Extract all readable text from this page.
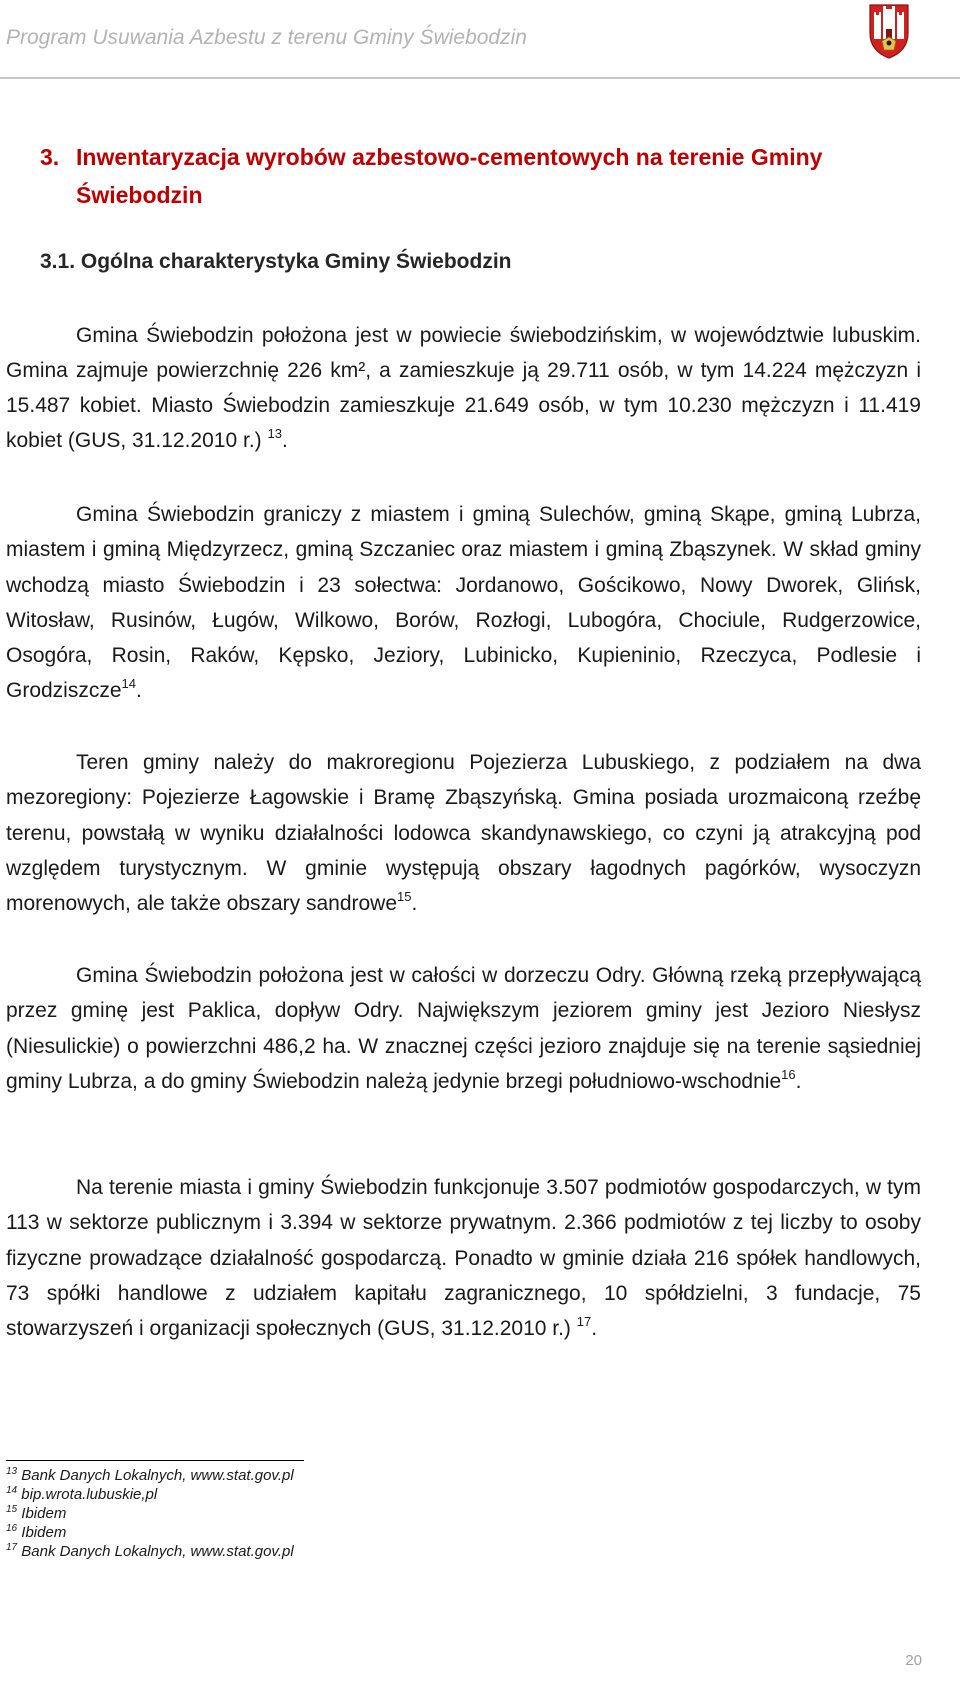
Program Usuwania Azbestu z terenu Gminy Świebodzin
3. Inwentaryzacja wyrobów azbestowo-cementowych na terenie Gminy Świebodzin
3.1. Ogólna charakterystyka Gminy Świebodzin

Gmina Świebodzin położona jest w powiecie świebodzińskim, w województwie lubuskim. Gmina zajmuje powierzchnię 226 km², a zamieszkuje ją 29.711 osób, w tym 14.224 mężczyzn i 15.487 kobiet. Miasto Świebodzin zamieszkuje 21.649 osób, w tym 10.230 mężczyzn i 11.419 kobiet (GUS, 31.12.2010 r.) $^{13}$.

Gmina Świebodzin graniczy z miastem i gminą Sulechów, gminą Skąpe, gminą Lubrza, miastem i gminą Międzyrzecz, gminą Szczaniec oraz miastem i gminą Zbąszynek. W skład gminy wchodzą miasto Świebodzin i 23 sołectwa: Jordanowo, Gościkowo, Nowy Dworek, Glińsk, Witosław, Rusinów, Ługów, Wilkowo, Borów, Rozłogi, Lubogóra, Chociule, Rudgerzowice, Osogóra, Rosin, Raków, Kępsko, Jeziory, Lubinicko, Kupieninio, Rzeczyca, Podlesie i Grodziszcze$^{14}$.

Teren gminy należy do makroregionu Pojezierza Lubuskiego, z podziałem na dwa mezoregiony: Pojezierze Łagowskie i Bramę Zbąszyńską. Gmina posiada urozmaiconą rzeźbę terenu, powstałą w wyniku działalności lodowca skandynawskiego, co czyni ją atrakcyjną pod względem turystycznym. W gminie występują obszary łagodnych pagórków, wysoczyzn morenowych, ale także obszary sandrowe$^{15}$.

Gmina Świebodzin położona jest w całości w dorzeczu Odry. Główną rzeką przepływającą przez gminę jest Paklica, dopływ Odry. Największym jeziorem gminy jest Jezioro Niesłysz (Niesulickie) o powierzchni 486,2 ha. W znacznej części jezioro znajduje się na terenie sąsiedniej gminy Lubrza, a do gminy Świebodzin należą jedynie brzegi południowo-wschodnie$^{16}$.

Na terenie miasta i gminy Świebodzin funkcjonuje 3.507 podmiotów gospodarczych, w tym 113 w sektorze publicznym i 3.394 w sektorze prywatnym. 2.366 podmiotów z tej liczby to osoby fizyczne prowadzące działalność gospodarczą. Ponadto w gminie działa 216 spółek handlowych, 73 spółki handlowe z udziałem kapitału zagranicznego, 10 spółdzielni, 3 fundacje, 75 stowarzyszeń i organizacji społecznych (GUS, 31.12.2010 r.) $^{17}$.

$^{13}$ Bank Danych Lokalnych, www.stat.gov.pl
$^{14}$ bip.wrota.lubuskie,pl
$^{15}$ Ibidem
$^{16}$ Ibidem
$^{17}$ Bank Danych Lokalnych, www.stat.gov.pl
20
